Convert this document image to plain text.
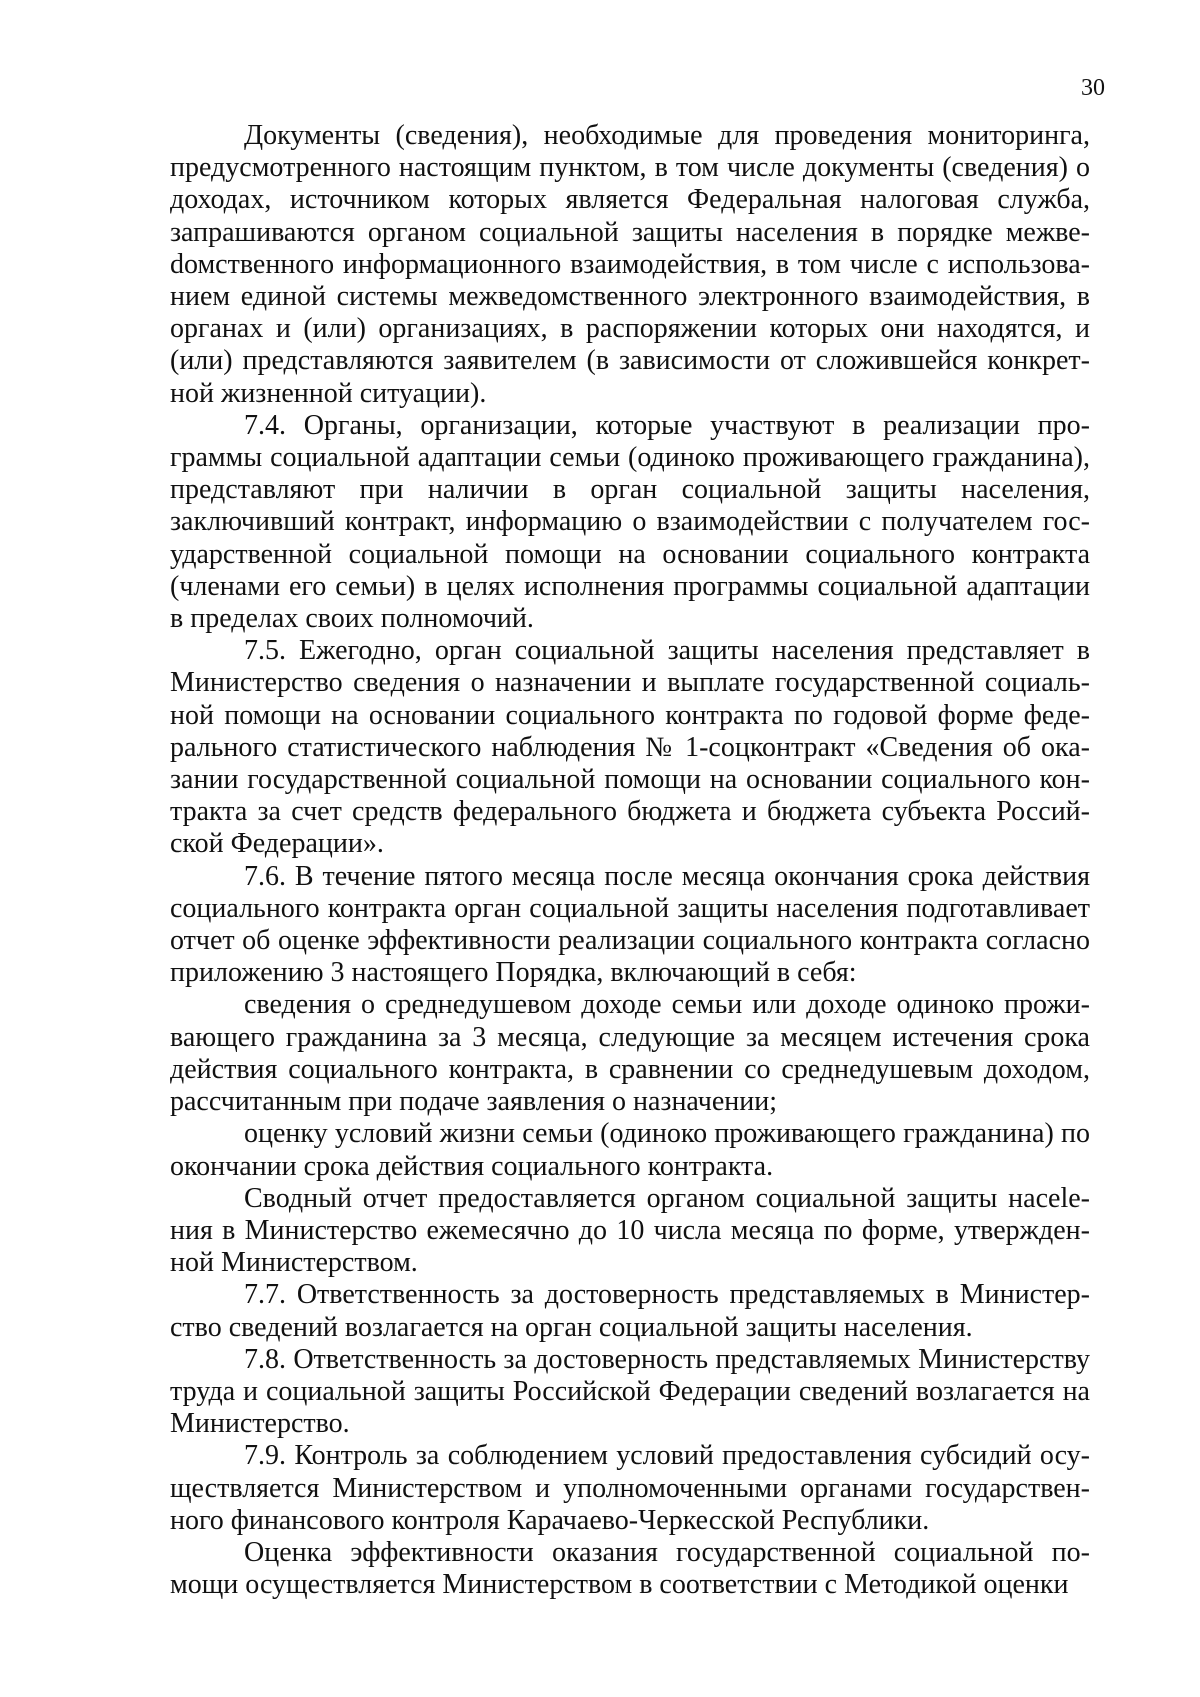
30

Документы (сведения), необходимые для проведения мониторинга, предусмотренного настоящим пунктом, в том числе документы (сведения) о доходах, источником которых является Федеральная налоговая служба, запрашиваются органом социальной защиты населения в порядке межвеdомственного информационного взаимодействия, в том числе с использованием единой системы межведомственного электронного взаимодействия, в органах и (или) организациях, в распоряжении которых они находятся, и (или) представляются заявителем (в зависимости от сложившейся конкретной жизненной ситуации).

7.4. Органы, организации, которые участвуют в реализации программы социальной адаптации семьи (одиноко проживающего гражданина), представляют при наличии в орган социальной защиты населения, заключивший контракт, информацию о взаимодействии с получателем государственной социальной помощи на основании социального контракта (членами его семьи) в целях исполнения программы социальной адаптации в пределах своих полномочий.

7.5. Ежегодно, орган социальной защиты населения представляет в Министерство сведения о назначении и выплате государственной социальной помощи на основании социального контракта по годовой форме федерального статистического наблюдения № 1-соцконтракт «Сведения об оказании государственной социальной помощи на основании социального контракта за счет средств федерального бюджета и бюджета субъекта Российской Федерации».

7.6. В течение пятого месяца после месяца окончания срока действия социального контракта орган социальной защиты населения подготавливает отчет об оценке эффективности реализации социального контракта согласно приложению 3 настоящего Порядка, включающий в себя:

сведения о среднедушевом доходе семьи или доходе одиноко проживающего гражданина за 3 месяца, следующие за месяцем истечения срока действия социального контракта, в сравнении со среднедушевым доходом, рассчитанным при подаче заявления о назначении;

оценку условий жизни семьи (одиноко проживающего гражданина) по окончании срока действия социального контракта.

Сводный отчет предоставляется органом социальной защиты насeleния в Министерство ежемесячно до 10 числа месяца по форме, утвержденной Министерством.

7.7. Ответственность за достоверность представляемых в Министерство сведений возлагается на орган социальной защиты населения.

7.8. Ответственность за достоверность представляемых Министерству труда и социальной защиты Российской Федерации сведений возлагается на Министерство.

7.9. Контроль за соблюдением условий предоставления субсидий осуществляется Министерством и уполномоченными органами государственного финансового контроля Карачаево-Черкесской Республики.

Оценка эффективности оказания государственной социальной помощи осуществляется Министерством в соответствии с Методикой оценки
